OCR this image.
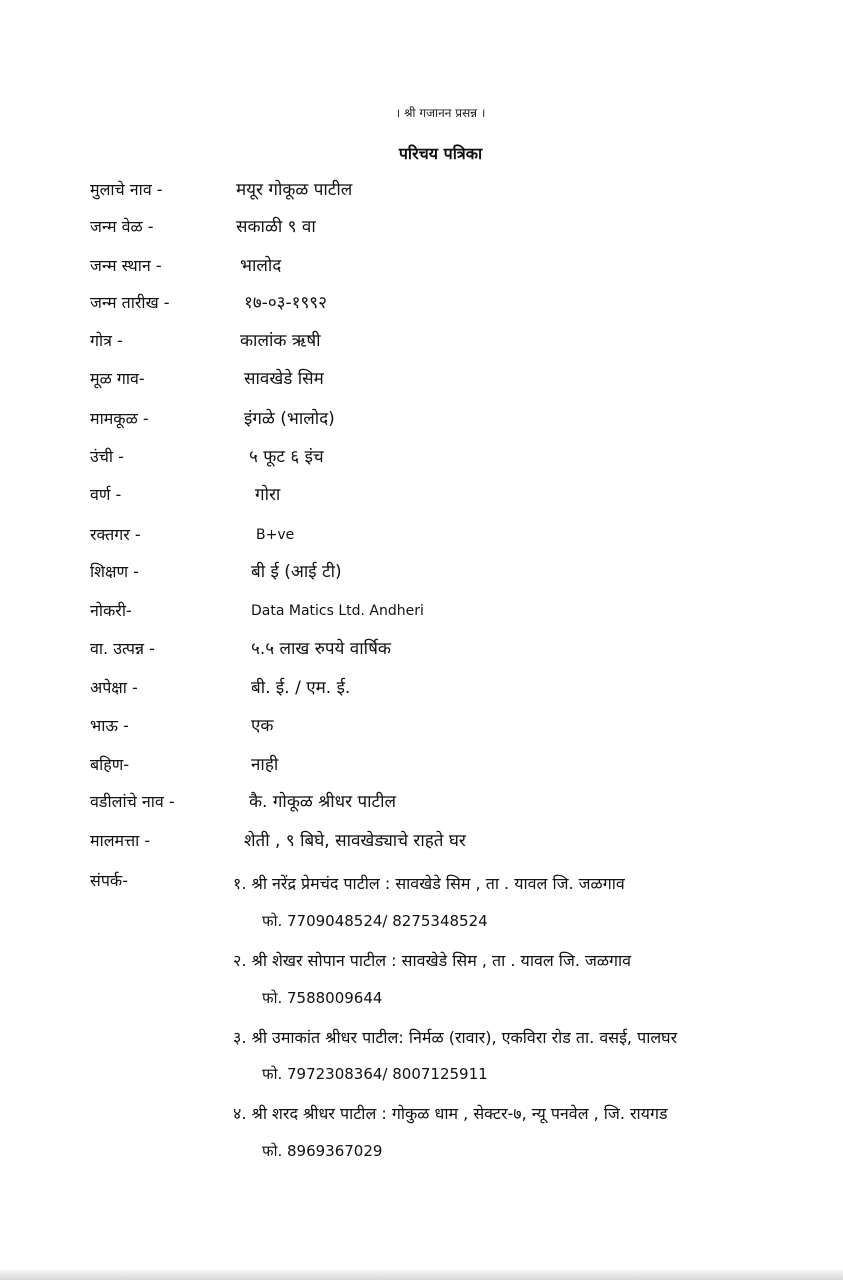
। श्री गजानन प्रसन्न ।
परिचय पत्रिका
मुलाचे नाव -	मयूर गोकूळ पाटील
जन्म वेळ -	सकाळी ९ वा
जन्म स्थान -	भालोद
जन्म तारीख -	१७-०३-१९९२
गोत्र -	कालांक ऋषी
मूळ गाव-	सावखेडे सिम
मामकूळ -	इंगळे (भालोद)
उंची -	५ फूट ६ इंच
वर्ण -	गोरा
रक्तगर -	B+ve
शिक्षण -	बी ई (आई टी)
नोकरी-	Data Matics Ltd. Andheri
वा. उत्पन्न -	५.५ लाख रुपये वार्षिक
अपेक्षा -	बी. ई. / एम. ई.
भाऊ -	एक
बहिण-	नाही
वडीलांचे नाव -	कै. गोकूळ श्रीधर पाटील
मालमत्ता -	शेती , ९ बिघे, सावखेड्याचे राहते घर
संपर्क-	१. श्री नरेंद्र प्रेमचंद पाटील : सावखेडे सिम , ता . यावल जि. जळगाव
फो. 7709048524/ 8275348524
२. श्री शेखर सोपान पाटील : सावखेडे सिम , ता . यावल जि. जळगाव
फो. 7588009644
३. श्री उमाकांत श्रीधर पाटील: निर्मळ (रावार), एकविरा रोड ता. वसई, पालघर
फो. 7972308364/ 8007125911
४. श्री शरद श्रीधर पाटील : गोकुळ धाम , सेक्टर-७, न्यू पनवेल , जि. रायगड
फो. 8969367029
